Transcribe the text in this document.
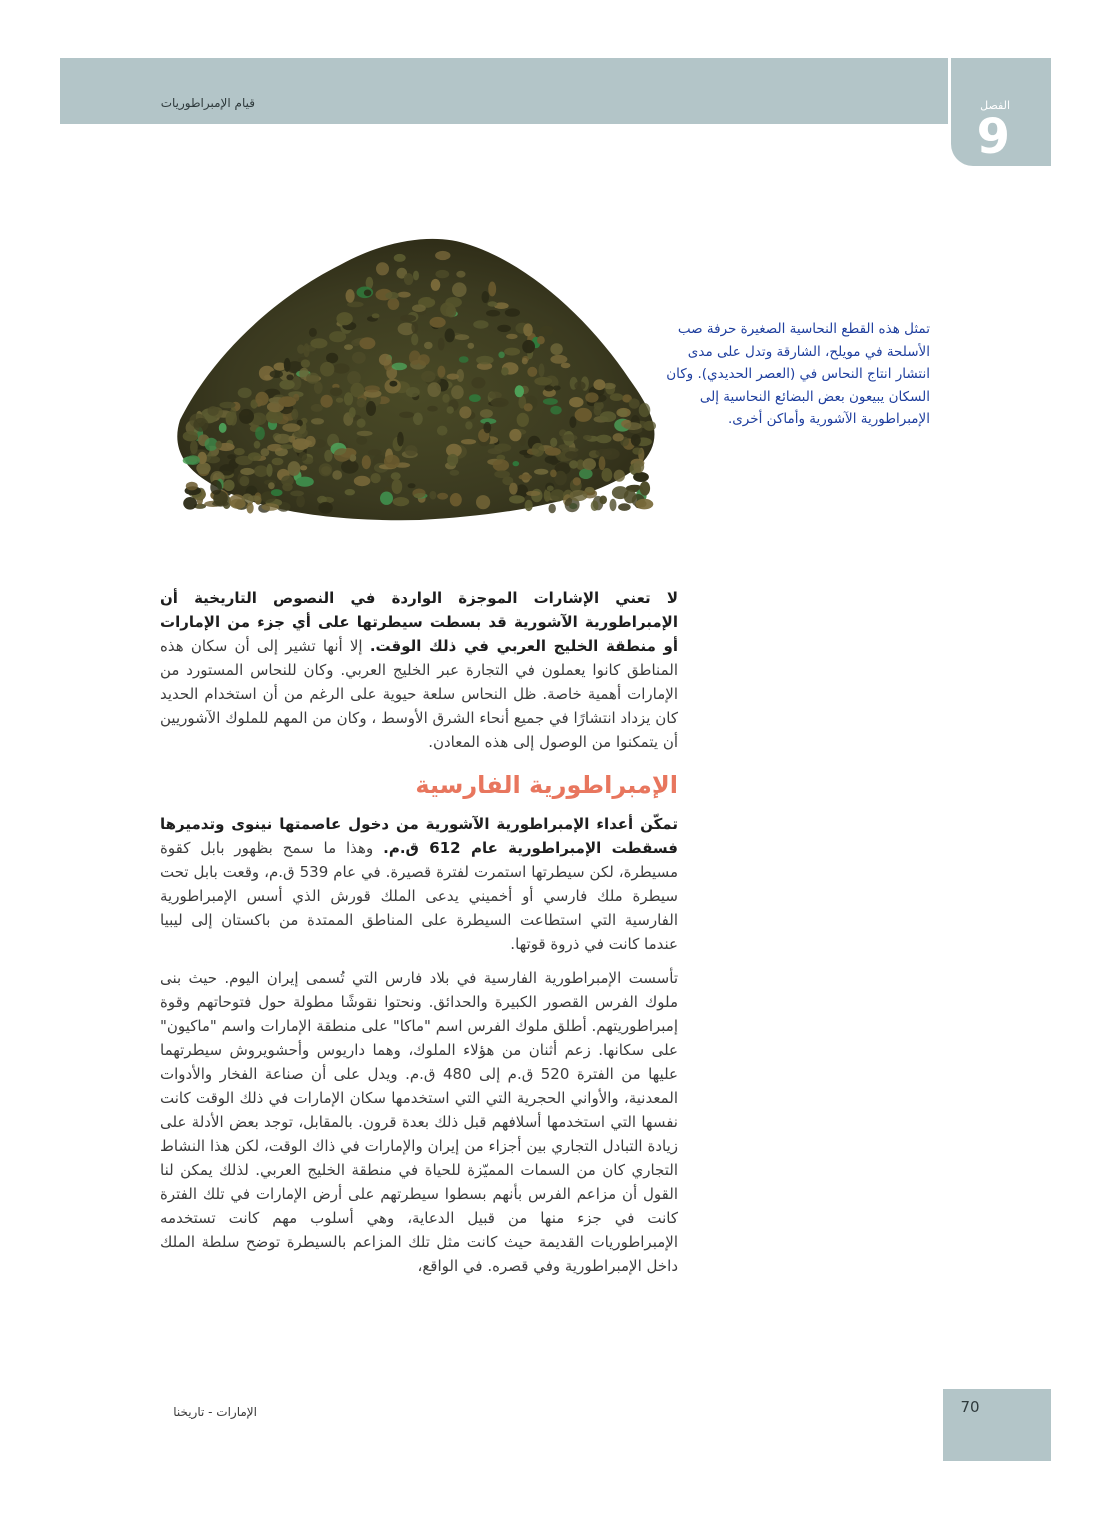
قيام الإمبراطوريات	الفصل
9
تمثل هذه القطع النحاسية الصغيرة حرفة صب الأسلحة في مويلح، الشارقة وتدل على مدى انتشار انتاج النحاس في (العصر الحديدي). وكان السكان يبيعون بعض البضائع النحاسية إلى الإمبراطورية الآشورية وأماكن أخرى.

لا تعني الإشارات الموجزة الواردة في النصوص التاريخية أن الإمبراطورية الآشورية قد بسطت سيطرتها على أي جزء من الإمارات أو منطقة الخليج العربي في ذلك الوقت. إلا أنها تشير إلى أن سكان هذه المناطق كانوا يعملون في التجارة عبر الخليج العربي. وكان للنحاس المستورد من الإمارات أهمية خاصة. ظل النحاس سلعة حيوية على الرغم من أن استخدام الحديد كان يزداد انتشارًا في جميع أنحاء الشرق الأوسط ، وكان من المهم للملوك الآشوريين أن يتمكنوا من الوصول إلى هذه المعادن.

الإمبراطورية الفارسية

تمكّن أعداء الإمبراطورية الآشورية من دخول عاصمتها نينوى وتدميرها فسقطت الإمبراطورية عام 612 ق.م. وهذا ما سمح بظهور بابل كقوة مسيطرة، لكن سيطرتها استمرت لفترة قصيرة. في عام 539 ق.م، وقعت بابل تحت سيطرة ملك فارسي أو أخميني يدعى الملك قورش الذي أسس الإمبراطورية الفارسية التي استطاعت السيطرة على المناطق الممتدة من باكستان إلى ليبيا عندما كانت في ذروة قوتها.

تأسست الإمبراطورية الفارسية في بلاد فارس التي تُسمى إيران اليوم. حيث بنى ملوك الفرس القصور الكبيرة والحدائق. ونحتوا نقوشًا مطولة حول فتوحاتهم وقوة إمبراطوريتهم. أطلق ملوك الفرس اسم "ماكا" على منطقة الإمارات واسم "ماكيون" على سكانها. زعم أثنان من هؤلاء الملوك، وهما داريوس وأحشويروش سيطرتهما عليها من الفترة 520 ق.م إلى 480 ق.م. ويدل على أن صناعة الفخار والأدوات المعدنية، والأواني الحجرية التي التي استخدمها سكان الإمارات في ذلك الوقت كانت نفسها التي استخدمها أسلافهم قبل ذلك بعدة قرون. بالمقابل، توجد بعض الأدلة على زيادة التبادل التجاري بين أجزاء من إيران والإمارات في ذاك الوقت، لكن هذا النشاط التجاري كان من السمات المميّزة للحياة في منطقة الخليج العربي. لذلك يمكن لنا القول أن مزاعم الفرس بأنهم بسطوا سيطرتهم على أرض الإمارات في تلك الفترة كانت في جزء منها من قبيل الدعاية، وهي أسلوب مهم كانت تستخدمه الإمبراطوريات القديمة حيث كانت مثل تلك المزاعم بالسيطرة توضح سلطة الملك داخل الإمبراطورية وفي قصره. في الواقع،

الإمارات - تاريخنا	70
